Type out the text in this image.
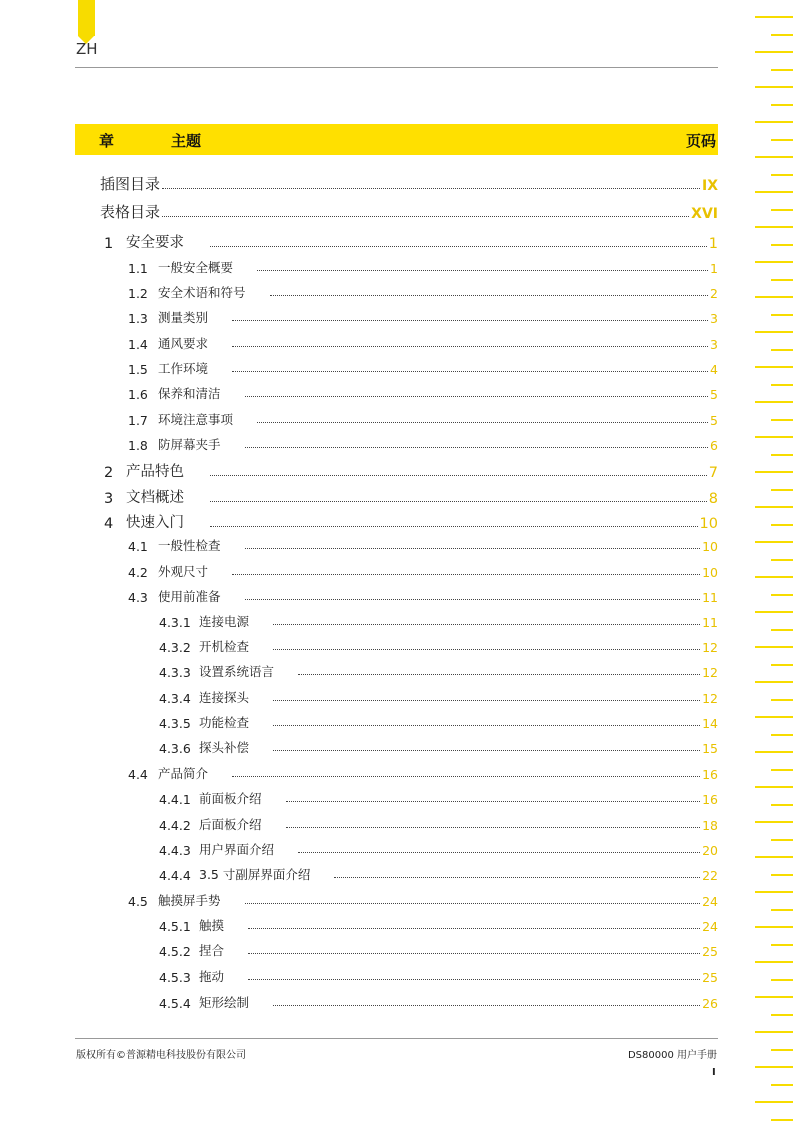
ZH
章	主题	页码
插图目录	IX
表格目录	XVI
1 安全要求	1
1.1 一般安全概要	1
1.2 安全术语和符号	2
1.3 测量类别	3
1.4 通风要求	3
1.5 工作环境	4
1.6 保养和清洁	5
1.7 环境注意事项	5
1.8 防屏幕夹手	6
2 产品特色	7
3 文档概述	8
4 快速入门	10
4.1 一般性检查	10
4.2 外观尺寸	10
4.3 使用前准备	11
4.3.1 连接电源	11
4.3.2 开机检查	12
4.3.3 设置系统语言	12
4.3.4 连接探头	12
4.3.5 功能检查	14
4.3.6 探头补偿	15
4.4 产品简介	16
4.4.1 前面板介绍	16
4.4.2 后面板介绍	18
4.4.3 用户界面介绍	20
4.4.4 3.5 寸副屏界面介绍	22
4.5 触摸屏手势	24
4.5.1 触摸	24
4.5.2 捏合	25
4.5.3 拖动	25
4.5.4 矩形绘制	26
版权所有©普源精电科技股份有限公司	DS80000 用户手册
I
